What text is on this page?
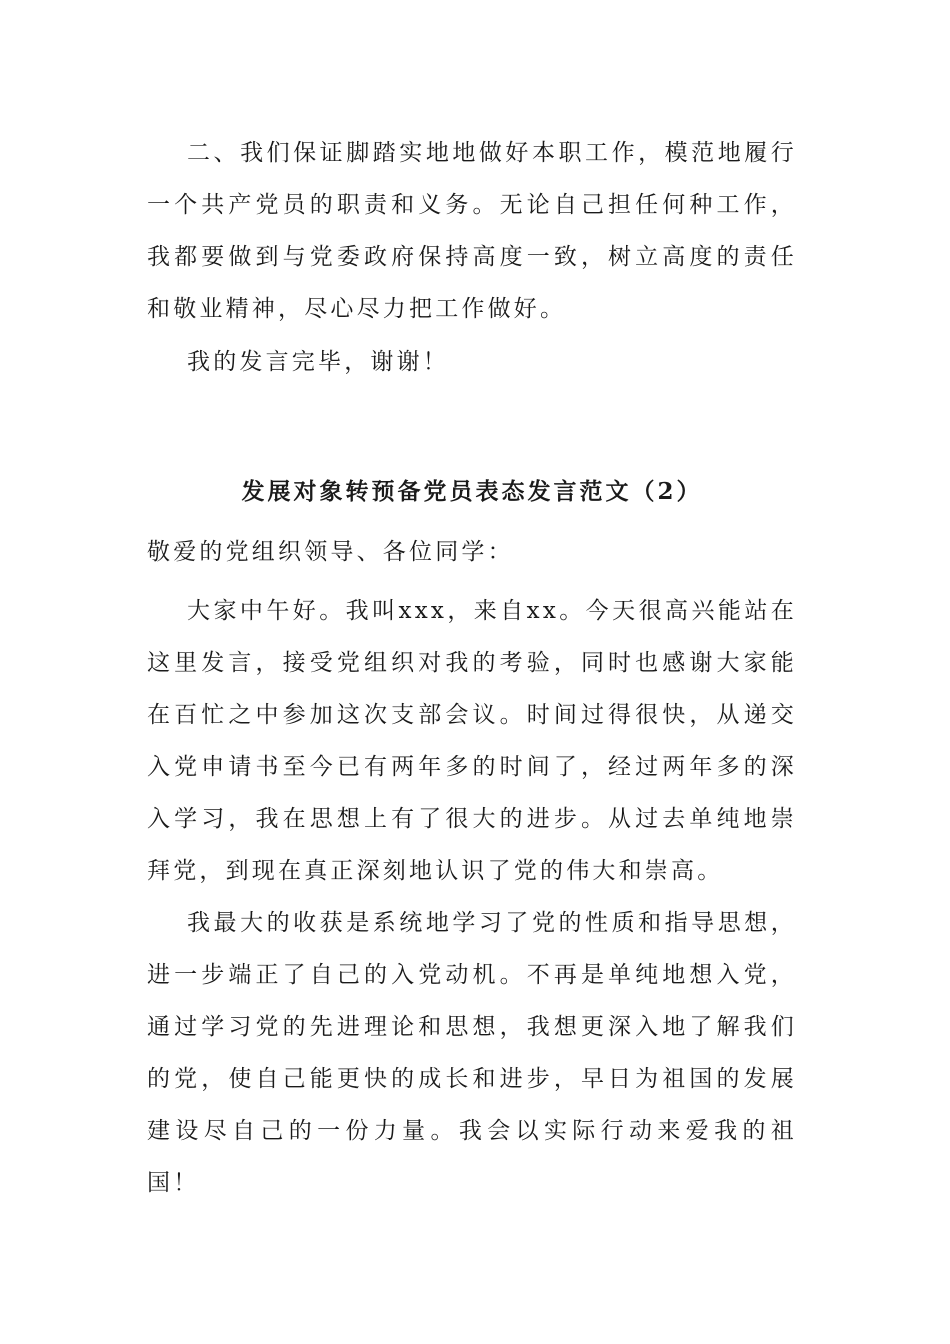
二、我们保证脚踏实地地做好本职工作，模范地履行一个共产党员的职责和义务。无论自己担任何种工作，我都要做到与党委政府保持高度一致，树立高度的责任和敬业精神，尽心尽力把工作做好。

我的发言完毕，谢谢！

发展对象转预备党员表态发言范文（2）

敬爱的党组织领导、各位同学：

大家中午好。我叫xxx，来自xx。今天很高兴能站在这里发言，接受党组织对我的考验，同时也感谢大家能在百忙之中参加这次支部会议。时间过得很快，从递交入党申请书至今已有两年多的时间了，经过两年多的深入学习，我在思想上有了很大的进步。从过去单纯地崇拜党，到现在真正深刻地认识了党的伟大和崇高。

我最大的收获是系统地学习了党的性质和指导思想，进一步端正了自己的入党动机。不再是单纯地想入党，通过学习党的先进理论和思想，我想更深入地了解我们的党，使自己能更快的成长和进步，早日为祖国的发展建设尽自己的一份力量。我会以实际行动来爱我的祖国！
